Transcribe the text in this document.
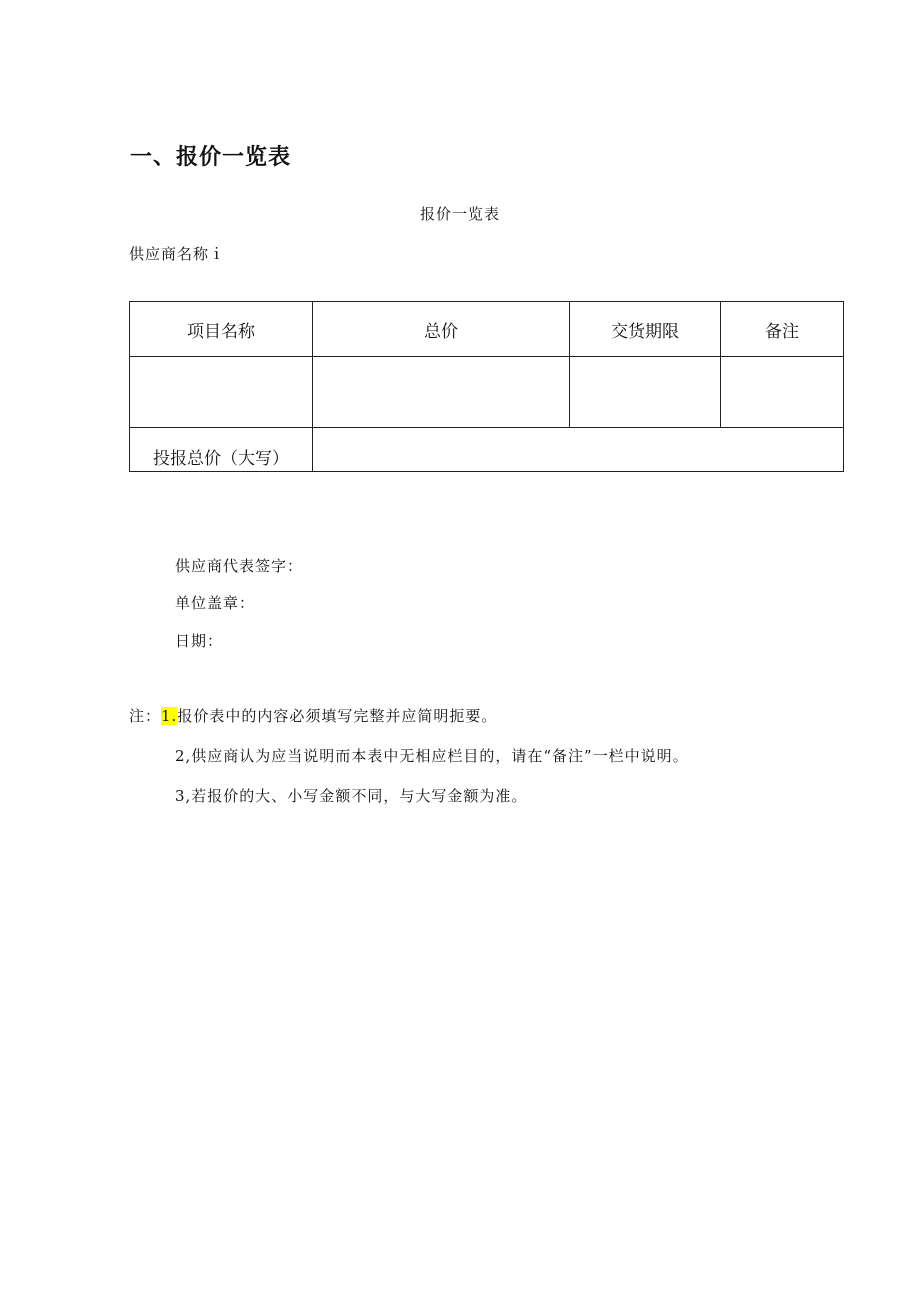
一、报价一览表
报价一览表
供应商名称ｉ
项目名称	总价	交货期限	备注

投报总价（大写）			
供应商代表签字：
单位盖章：
日期：
注：1.报价表中的内容必须填写完整并应简明扼要。
2,供应商认为应当说明而本表中无相应栏目的，请在“备注”一栏中说明。
3,若报价的大、小写金额不同，与大写金额为准。
